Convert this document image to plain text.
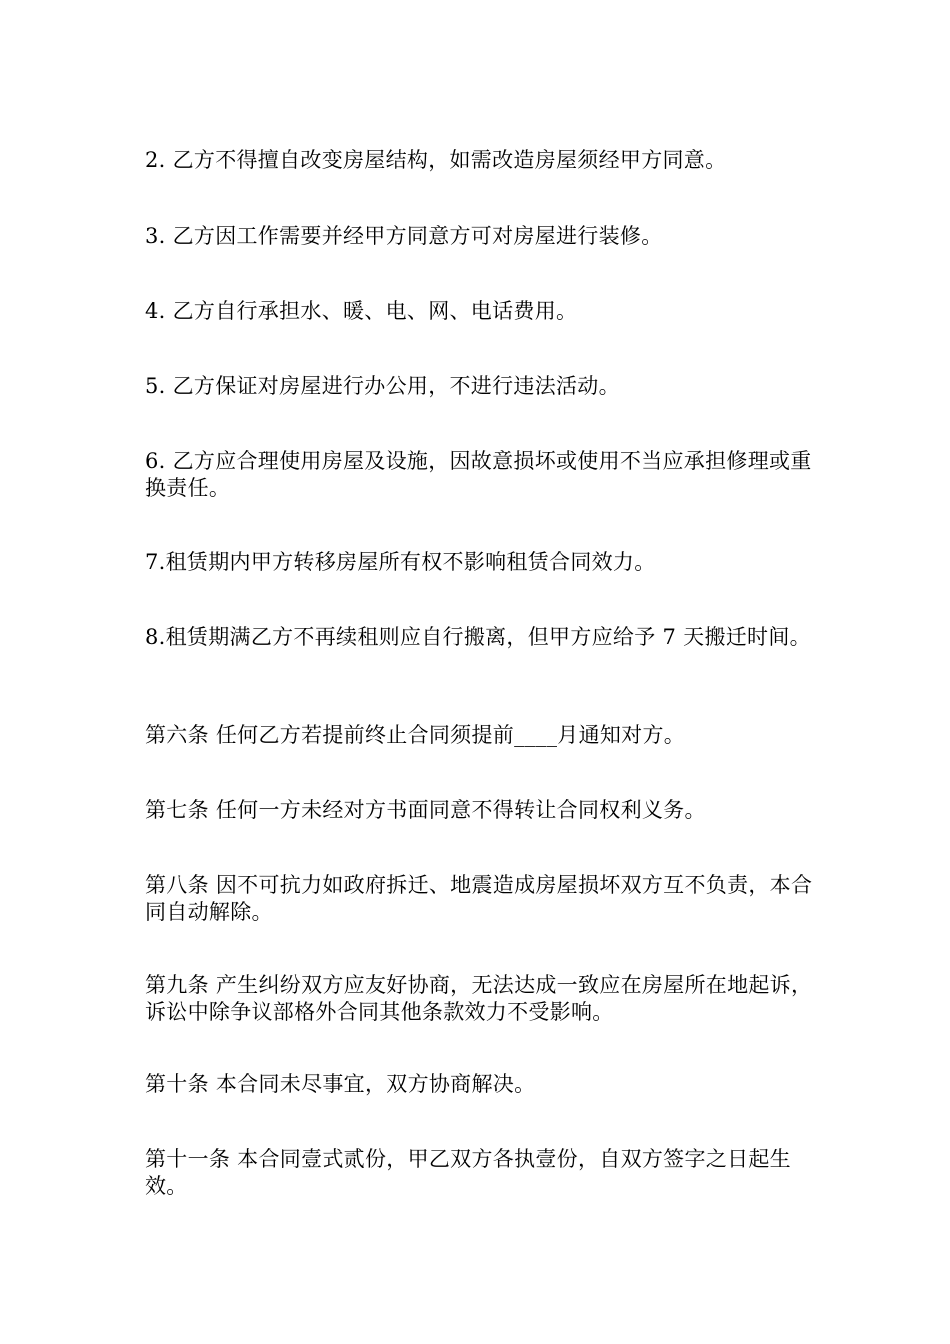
2. 乙方不得擅自改变房屋结构，如需改造房屋须经甲方同意。

3. 乙方因工作需要并经甲方同意方可对房屋进行装修。

4. 乙方自行承担水、暖、电、网、电话费用。

5. 乙方保证对房屋进行办公用，不进行违法活动。

6. 乙方应合理使用房屋及设施，因故意损坏或使用不当应承担修理或重换责任。

7.租赁期内甲方转移房屋所有权不影响租赁合同效力。

8.租赁期满乙方不再续租则应自行搬离，但甲方应给予 7 天搬迁时间。

第六条 任何乙方若提前终止合同须提前____月通知对方。

第七条 任何一方未经对方书面同意不得转让合同权利义务。

第八条 因不可抗力如政府拆迁、地震造成房屋损坏双方互不负责，本合同自动解除。

第九条 产生纠纷双方应友好协商，无法达成一致应在房屋所在地起诉，诉讼中除争议部格外合同其他条款效力不受影响。

第十条 本合同未尽事宜，双方协商解决。

第十一条 本合同壹式贰份，甲乙双方各执壹份，自双方签字之日起生效。
